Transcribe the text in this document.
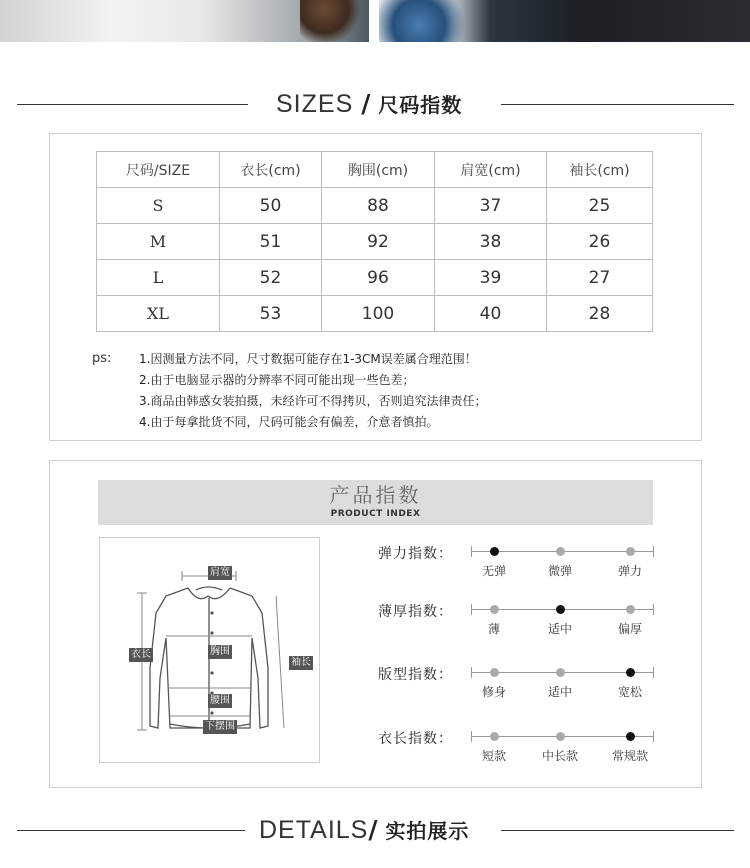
SIZES / 尺码指数
尺码/SIZE	衣长(cm)	胸围(cm)	肩宽(cm)	袖长(cm)
S	50	88	37	25
M	51	92	38	26
L	52	96	39	27
XL	53	100	40	28
ps: 1.因测量方法不同，尺寸数据可能存在1-3CM误差属合理范围！
2.由于电脑显示器的分辨率不同可能出现一些色差；
3.商品由韩惑女装拍摄，未经许可不得拷贝，否则追究法律责任；
4.由于每拿批货不同，尺码可能会有偏差，介意者慎拍。
产品指数
PRODUCT INDEX
肩宽
衣长	胸围
袖长
腰围
下摆围
弹力指数：
无弹	微弹	弹力
薄厚指数：
薄	适中	偏厚
版型指数：
修身	适中	宽松
衣长指数：
短款	中长款	常规款
DETAILS/ 实拍展示
